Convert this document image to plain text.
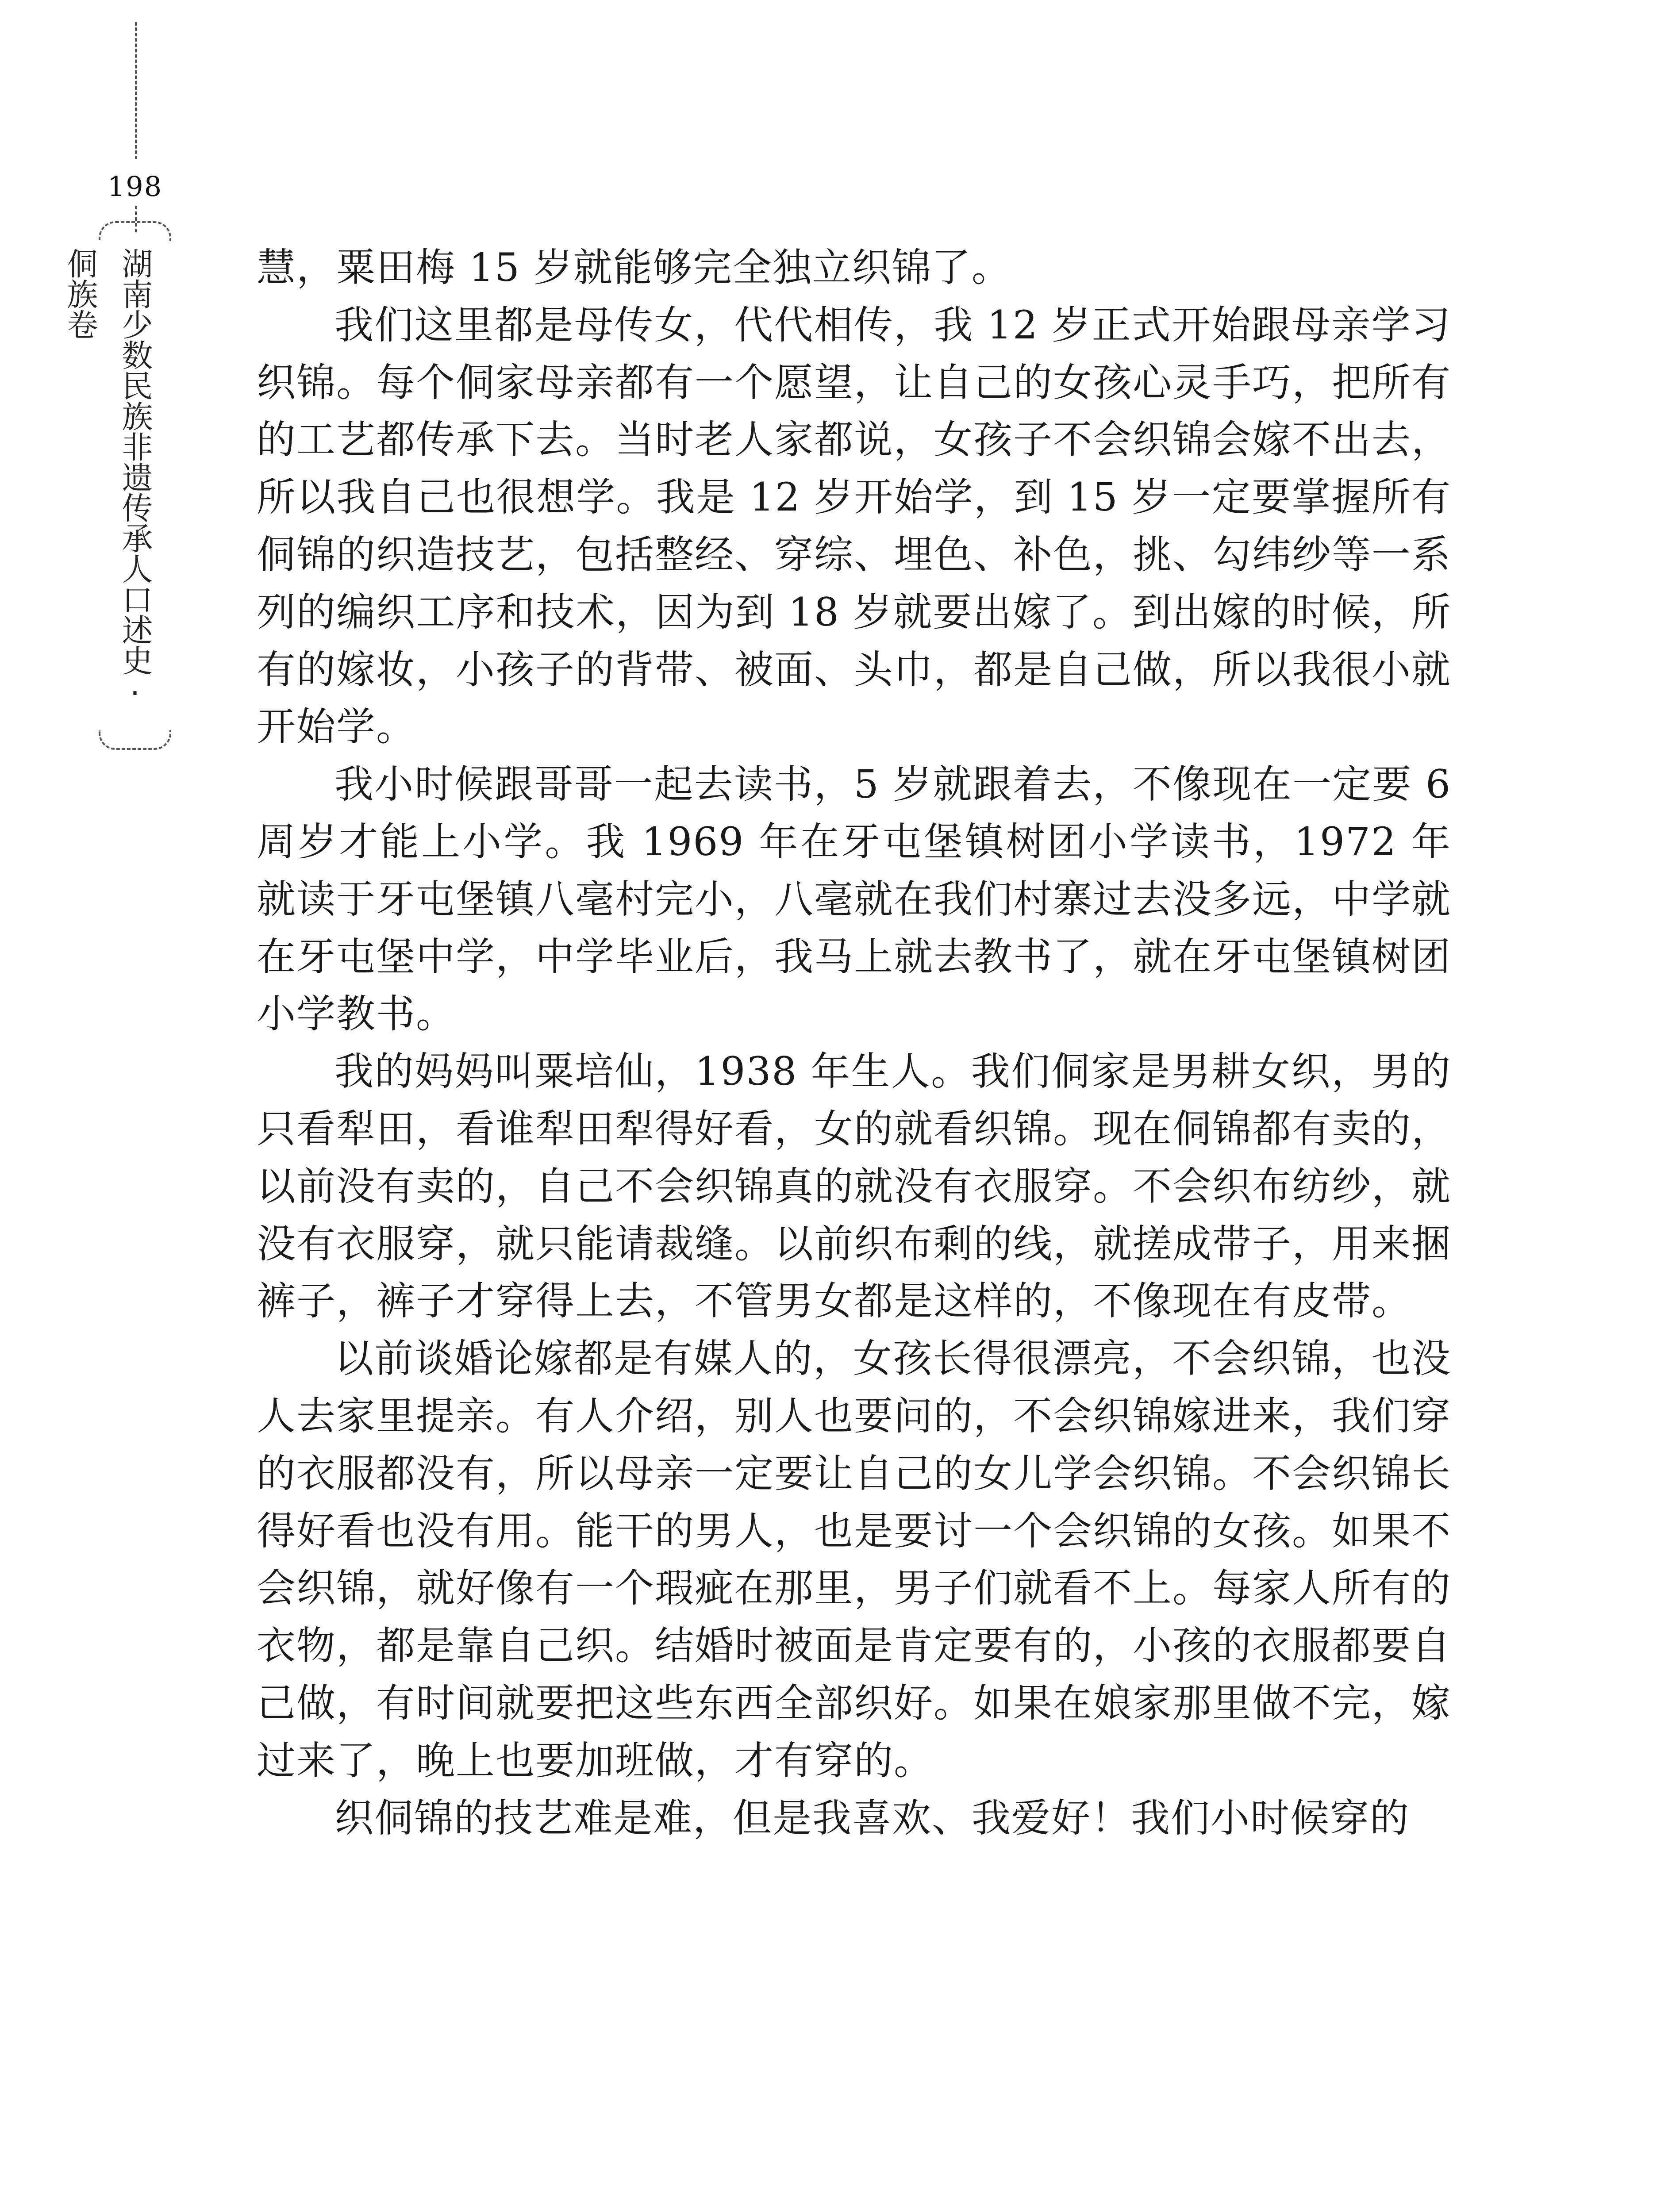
198
湖南少数民族非遗传承人口述史·侗族卷	慧，粟田梅 15 岁就能够完全独立织锦了。

我们这里都是母传女，代代相传，我 12 岁正式开始跟母亲学习织锦。每个侗家母亲都有一个愿望，让自己的女孩心灵手巧，把所有的工艺都传承下去。当时老人家都说，女孩子不会织锦会嫁不出去，所以我自己也很想学。我是 12 岁开始学，到 15 岁一定要掌握所有侗锦的织造技艺，包括整经、穿综、埋色、补色，挑、勾纬纱等一系列的编织工序和技术，因为到 18 岁就要出嫁了。到出嫁的时候，所有的嫁妆，小孩子的背带、被面、头巾，都是自己做，所以我很小就开始学。

我小时候跟哥哥一起去读书，5 岁就跟着去，不像现在一定要 6 周岁才能上小学。我 1969 年在牙屯堡镇树团小学读书，1972 年就读于牙屯堡镇八毫村完小，八毫就在我们村寨过去没多远，中学就在牙屯堡中学，中学毕业后，我马上就去教书了，就在牙屯堡镇树团小学教书。

我的妈妈叫粟培仙，1938 年生人。我们侗家是男耕女织，男的只看犁田，看谁犁田犁得好看，女的就看织锦。现在侗锦都有卖的，以前没有卖的，自己不会织锦真的就没有衣服穿。不会织布纺纱，就没有衣服穿，就只能请裁缝。以前织布剩的线，就搓成带子，用来捆裤子，裤子才穿得上去，不管男女都是这样的，不像现在有皮带。

以前谈婚论嫁都是有媒人的，女孩长得很漂亮，不会织锦，也没人去家里提亲。有人介绍，别人也要问的，不会织锦嫁进来，我们穿的衣服都没有，所以母亲一定要让自己的女儿学会织锦。不会织锦长得好看也没有用。能干的男人，也是要讨一个会织锦的女孩。如果不会织锦，就好像有一个瑕疵在那里，男子们就看不上。每家人所有的衣物，都是靠自己织。结婚时被面是肯定要有的，小孩的衣服都要自己做，有时间就要把这些东西全部织好。如果在娘家那里做不完，嫁过来了，晚上也要加班做，才有穿的。

织侗锦的技艺难是难，但是我喜欢、我爱好！我们小时候穿的
